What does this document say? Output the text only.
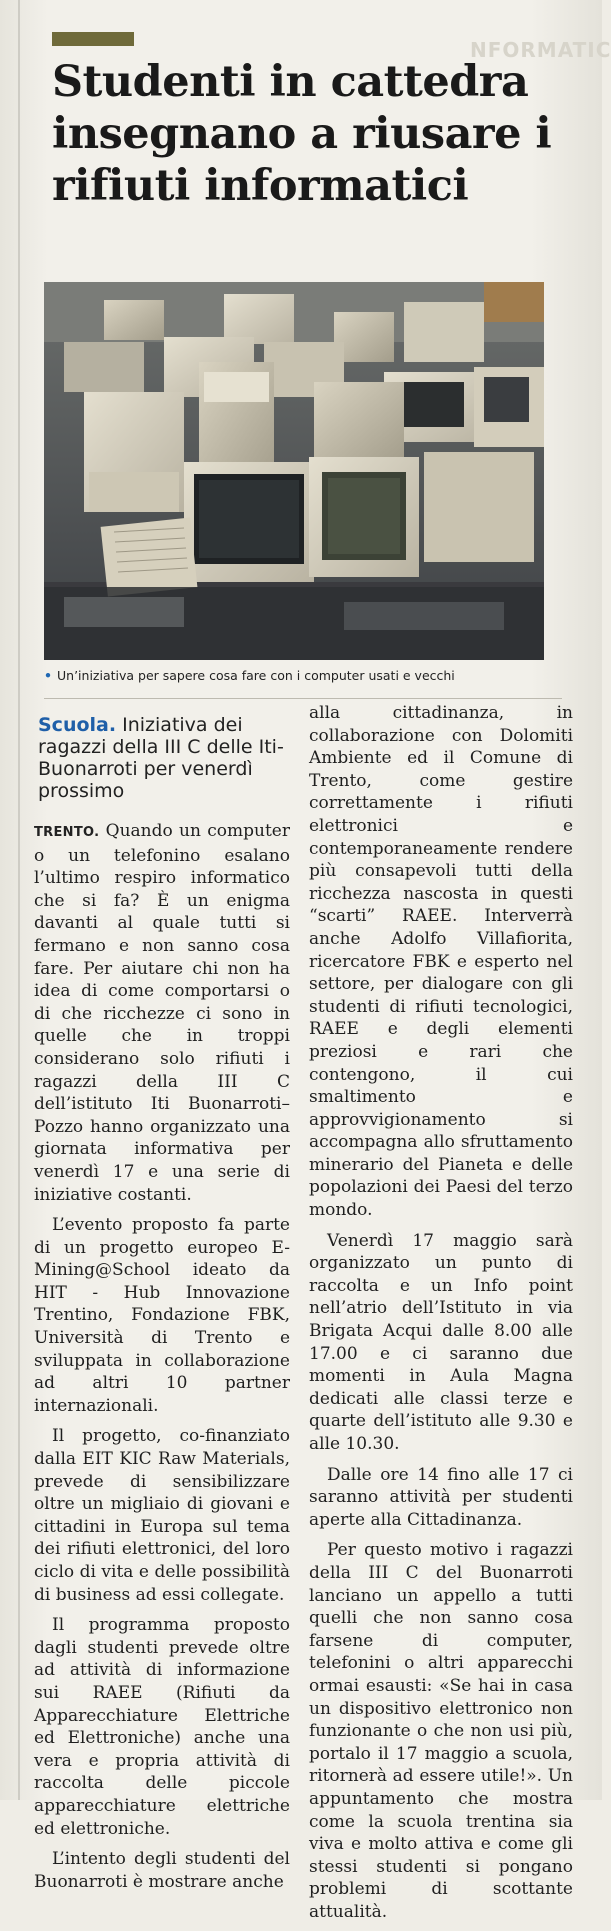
NFORMATIC
Studenti in cattedra insegnano a riusare i rifiuti informatici
• Un’iniziativa per sapere cosa fare con i computer usati e vecchi
Scuola. Iniziativa dei ragazzi della III C delle Iti-Buonarroti per venerdì prossimo

TRENTO. Quando un computer o un telefonino esalano l’ultimo respiro informatico che si fa? È un enigma davanti al quale tutti si fermano e non sanno cosa fare. Per aiutare chi non ha idea di come comportarsi o di che ricchezze ci sono in quelle che in troppi considerano solo rifiuti i ragazzi della III C dell’istituto Iti Buonarroti–Pozzo hanno organizzato una giornata informativa per venerdì 17 e una serie di iniziative costanti.

L’evento proposto fa parte di un progetto europeo E-Mining@School ideato da HIT - Hub Innovazione Trentino, Fondazione FBK, Università di Trento e sviluppata in collaborazione ad altri 10 partner internazionali.

Il progetto, co-finanziato dalla EIT KIC Raw Materials, prevede di sensibilizzare oltre un migliaio di giovani e cittadini in Europa sul tema dei rifiuti elettronici, del loro ciclo di vita e delle possibilità di business ad essi collegate.

Il programma proposto dagli studenti prevede oltre ad attività di informazione sui RAEE (Rifiuti da Apparecchiature Elettriche ed Elettroniche) anche una vera e propria attività di raccolta delle piccole apparecchiature elettriche ed elettroniche.

L’intento degli studenti del Buonarroti è mostrare anche

alla cittadinanza, in collaborazione con Dolomiti Ambiente ed il Comune di Trento, come gestire correttamente i rifiuti elettronici e contemporaneamente rendere più consapevoli tutti della ricchezza nascosta in questi “scarti” RAEE. Interverrà anche Adolfo Villafiorita, ricercatore FBK e esperto nel settore, per dialogare con gli studenti di rifiuti tecnologici, RAEE e degli elementi preziosi e rari che contengono, il cui smaltimento e approvvigionamento si accompagna allo sfruttamento minerario del Pianeta e delle popolazioni dei Paesi del terzo mondo.

Venerdì 17 maggio sarà organizzato un punto di raccolta e un Info point nell’atrio dell’Istituto in via Brigata Acqui dalle 8.00 alle 17.00 e ci saranno due momenti in Aula Magna dedicati alle classi terze e quarte dell’istituto alle 9.30 e alle 10.30.

Dalle ore 14 fino alle 17 ci saranno attività per studenti aperte alla Cittadinanza.

Per questo motivo i ragazzi della III C del Buonarroti lanciano un appello a tutti quelli che non sanno cosa farsene di computer, telefonini o altri apparecchi ormai esausti: «Se hai in casa un dispositivo elettronico non funzionante o che non usi più, portalo il 17 maggio a scuola, ritornerà ad essere utile!». Un appuntamento che mostra come la scuola trentina sia viva e molto attiva e come gli stessi studenti si pongano problemi di scottante attualità.
